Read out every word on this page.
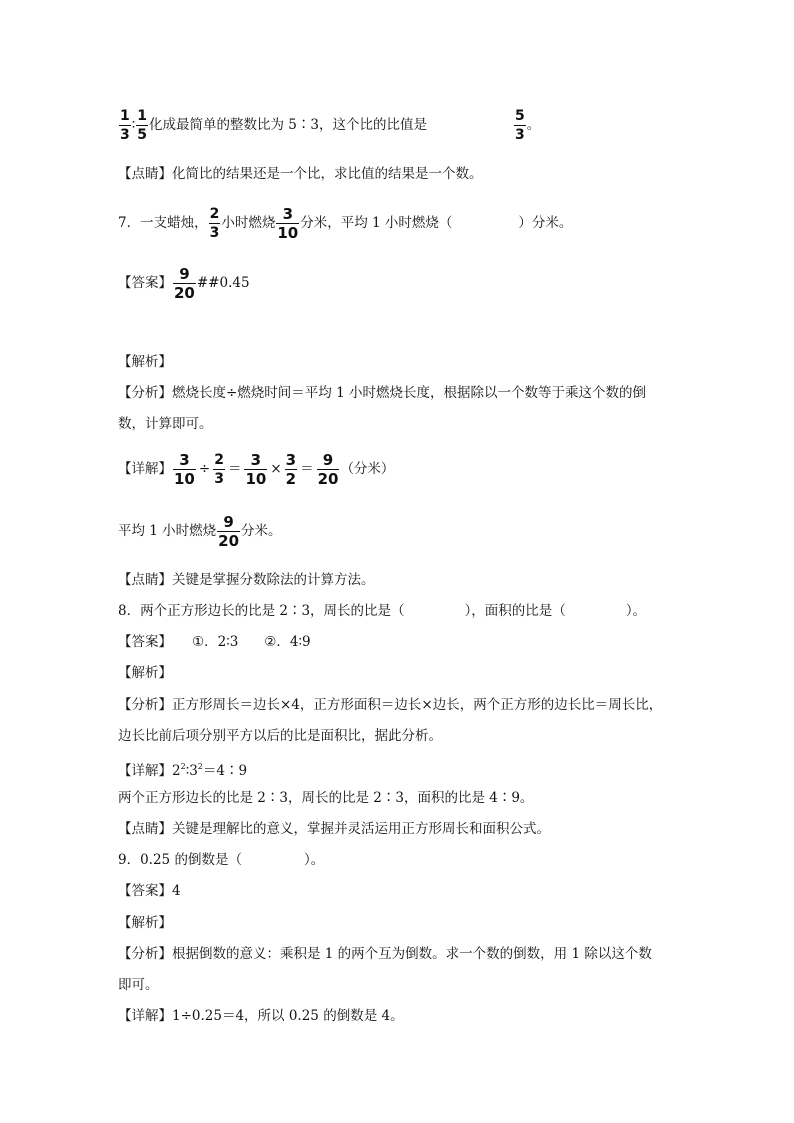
$\frac{1}{3}$ ∶ $\frac{1}{5}$ 化成最简单的整数比为 5∶3，这个比的比值是	$\frac{5}{3}$ 。
【点睛】化简比的结果还是一个比，求比值的结果是一个数。
7．一支蜡烛， $\frac{2}{3}$ 小时燃烧 $\frac{3}{10}$ 分米，平均 1 小时燃烧（	）分米。
【答案】 $\frac{9}{20}$ ##0.45
【解析】
【分析】燃烧长度÷燃烧时间＝平均 1 小时燃烧长度，根据除以一个数等于乘这个数的倒
数，计算即可。
【详解】 $\frac{3}{10} \div \frac{2}{3} = \frac{3}{10} \times \frac{3}{2} = \frac{9}{20}$ （分米）
平均 1 小时燃烧 $\frac{9}{20}$ 分米。
【点睛】关键是掌握分数除法的计算方法。
8．两个正方形边长的比是 2∶3，周长的比是（	），面积的比是（	）。
【答案】 ①．2∶3 ②．4∶9
【解析】
【分析】正方形周长＝边长×4，正方形面积＝边长×边长，两个正方形的边长比＝周长比，
边长比前后项分别平方以后的比是面积比，据此分析。
【详解】$2^2∶3^2=4∶9$
两个正方形边长的比是 2∶3，周长的比是 2∶3，面积的比是 4∶9。
【点睛】关键是理解比的意义，掌握并灵活运用正方形周长和面积公式。
9．0.25 的倒数是（	）。
【答案】4
【解析】
【分析】根据倒数的意义：乘积是 1 的两个互为倒数。求一个数的倒数，用 1 除以这个数
即可。
【详解】1÷0.25＝4，所以 0.25 的倒数是 4。
